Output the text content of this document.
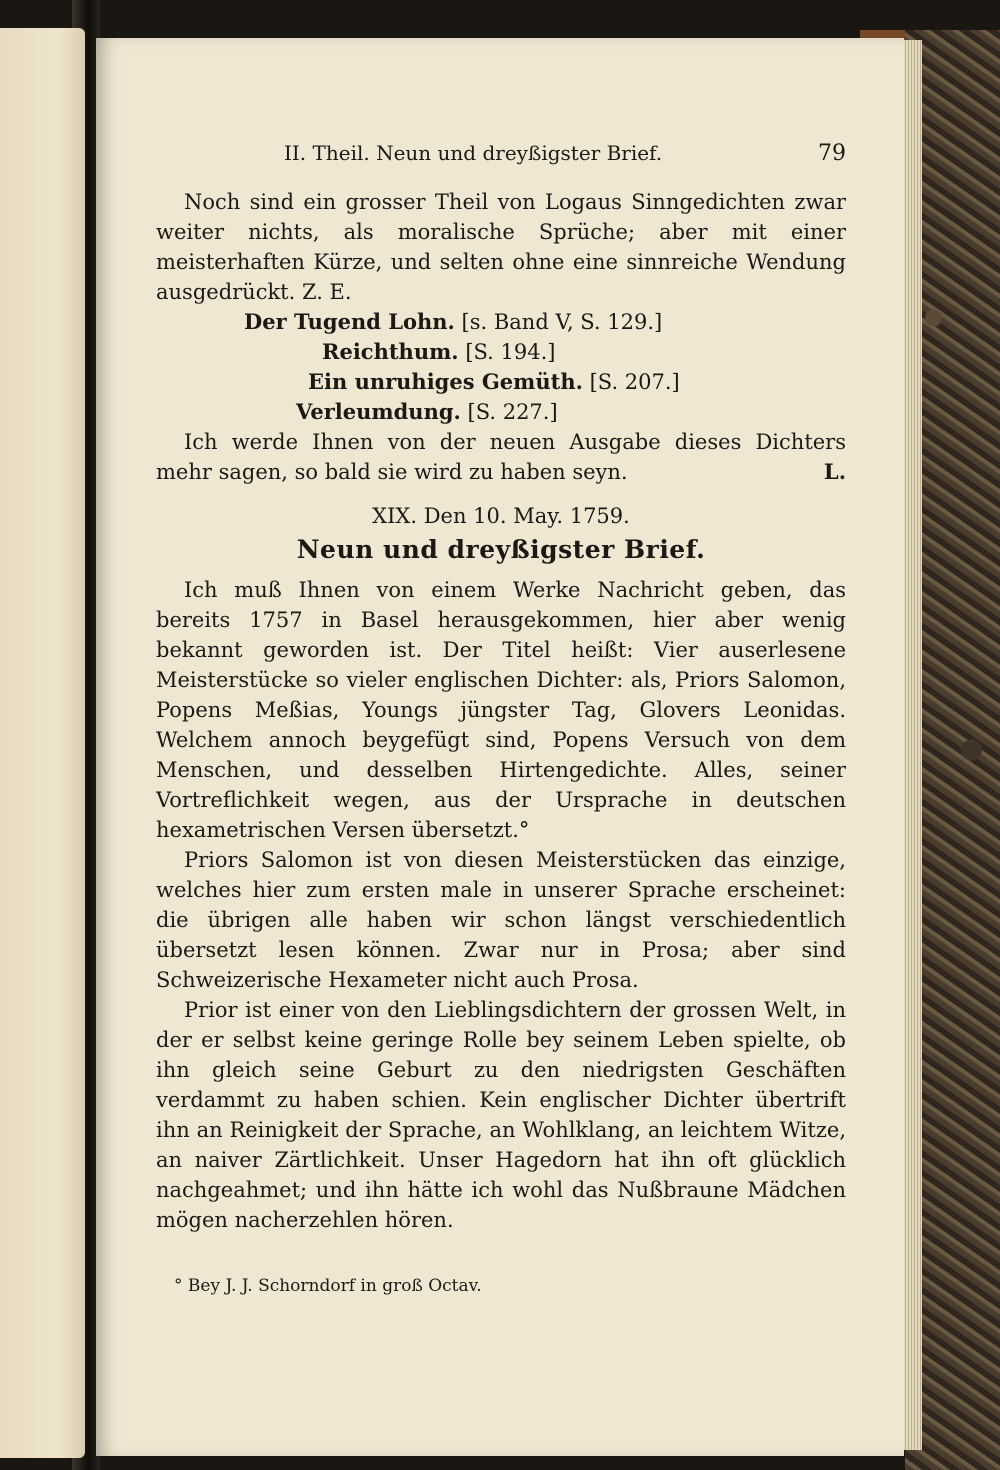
II. Theil. Neun und dreyßigster Brief.	79

Noch sind ein grosser Theil von Logaus Sinngedichten zwar weiter nichts, als moralische Sprüche; aber mit einer meisterhaften Kürze, und selten ohne eine sinnreiche Wendung ausgedrückt. Z. E.

Der Tugend Lohn. [s. Band V, S. 129.]
Reichthum. [S. 194.]
Ein unruhiges Gemüth. [S. 207.]
Verleumdung. [S. 227.]

Ich werde Ihnen von der neuen Ausgabe dieses Dichters mehr sagen, so bald sie wird zu haben seyn.	L.

XIX. Den 10. May. 1759.
Neun und dreyßigster Brief.

Ich muß Ihnen von einem Werke Nachricht geben, das bereits 1757 in Basel herausgekommen, hier aber wenig bekannt geworden ist. Der Titel heißt: Vier auserlesene Meisterstücke so vieler englischen Dichter: als, Priors Salomon, Popens Meßias, Youngs jüngster Tag, Glovers Leonidas. Welchem annoch beygefügt sind, Popens Versuch von dem Menschen, und desselben Hirtengedichte. Alles, seiner Vortreflichkeit wegen, aus der Ursprache in deutschen hexametrischen Versen übersetzt.°

Priors Salomon ist von diesen Meisterstücken das einzige, welches hier zum ersten male in unserer Sprache erscheinet: die übrigen alle haben wir schon längst verschiedentlich übersetzt lesen können. Zwar nur in Prosa; aber sind Schweizerische Hexameter nicht auch Prosa.

Prior ist einer von den Lieblingsdichtern der grossen Welt, in der er selbst keine geringe Rolle bey seinem Leben spielte, ob ihn gleich seine Geburt zu den niedrigsten Geschäften verdammt zu haben schien. Kein englischer Dichter übertrift ihn an Reinigkeit der Sprache, an Wohlklang, an leichtem Witze, an naiver Zärtlichkeit. Unser Hagedorn hat ihn oft glücklich nachgeahmet; und ihn hätte ich wohl das Nußbraune Mädchen mögen nacherzehlen hören.

° Bey J. J. Schorndorf in groß Octav.
